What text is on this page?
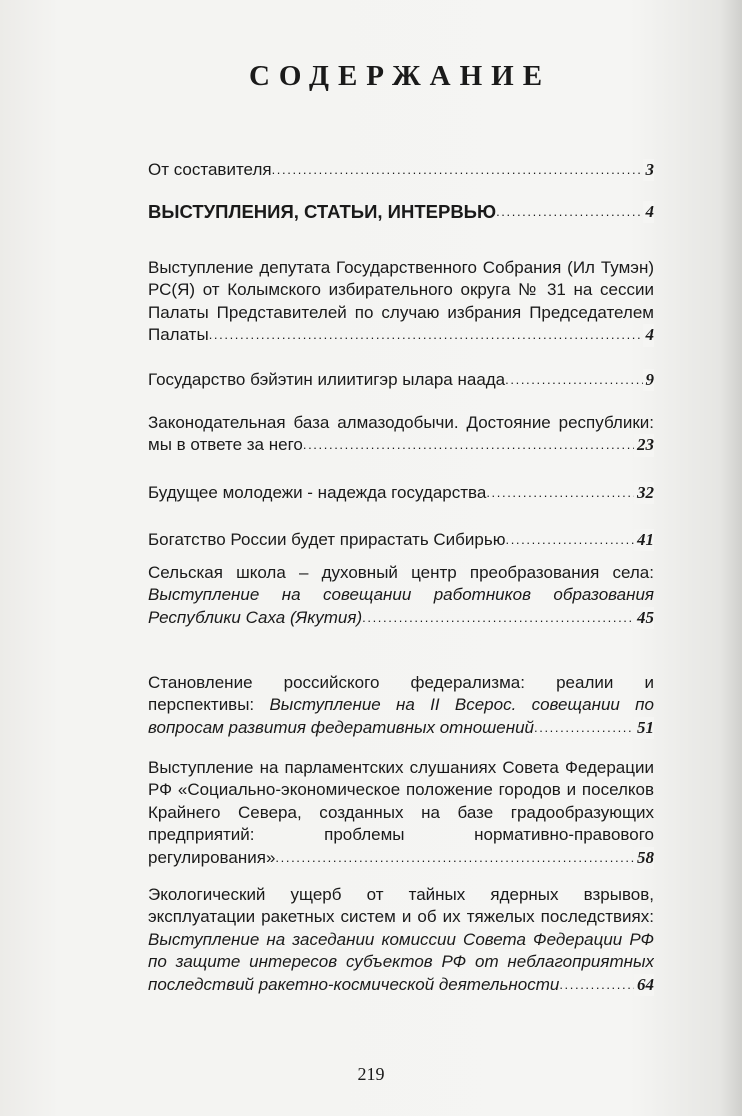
СОДЕРЖАНИЕ
От составителя . . .	3
ВЫСТУПЛЕНИЯ, СТАТЬИ, ИНТЕРВЬЮ . . .	4
Выступление депутата Государственного Собрания (Ил Тумэн) РС(Я) от Колымского избирательного округа № 31 на сессии Палаты Представителей по случаю избрания Председателем Палаты . . .	4
Государство бэйэтин илиитигэр ылара наада . . .	9
Законодательная база алмазодобычи. Достояние республики: мы в ответе за него . . .	23
Будущее молодежи - надежда государства . . .	32
Богатство России будет прирастать Сибирью . . .	41
Сельская школа – духовный центр преобразования села: Выступление на совещании работников образования Республики Саха (Якутия) . . .	45
Становление российского федерализма: реалии и перспективы: Выступление на II Всерос. совещании по вопросам развития федеративных отношений . . .	51
Выступление на парламентских слушаниях Совета Федерации РФ «Социально-экономическое положение городов и поселков Крайнего Севера, созданных на базе градообразующих предприятий: проблемы нормативно-правового регулирования» . . .	58
Экологический ущерб от тайных ядерных взрывов, эксплуатации ракетных систем и об их тяжелых последствиях: Выступление на заседании комиссии Совета Федерации РФ по защите интересов субъектов РФ от неблагоприятных последствий ракетно-космической деятельности . . .	64
219
